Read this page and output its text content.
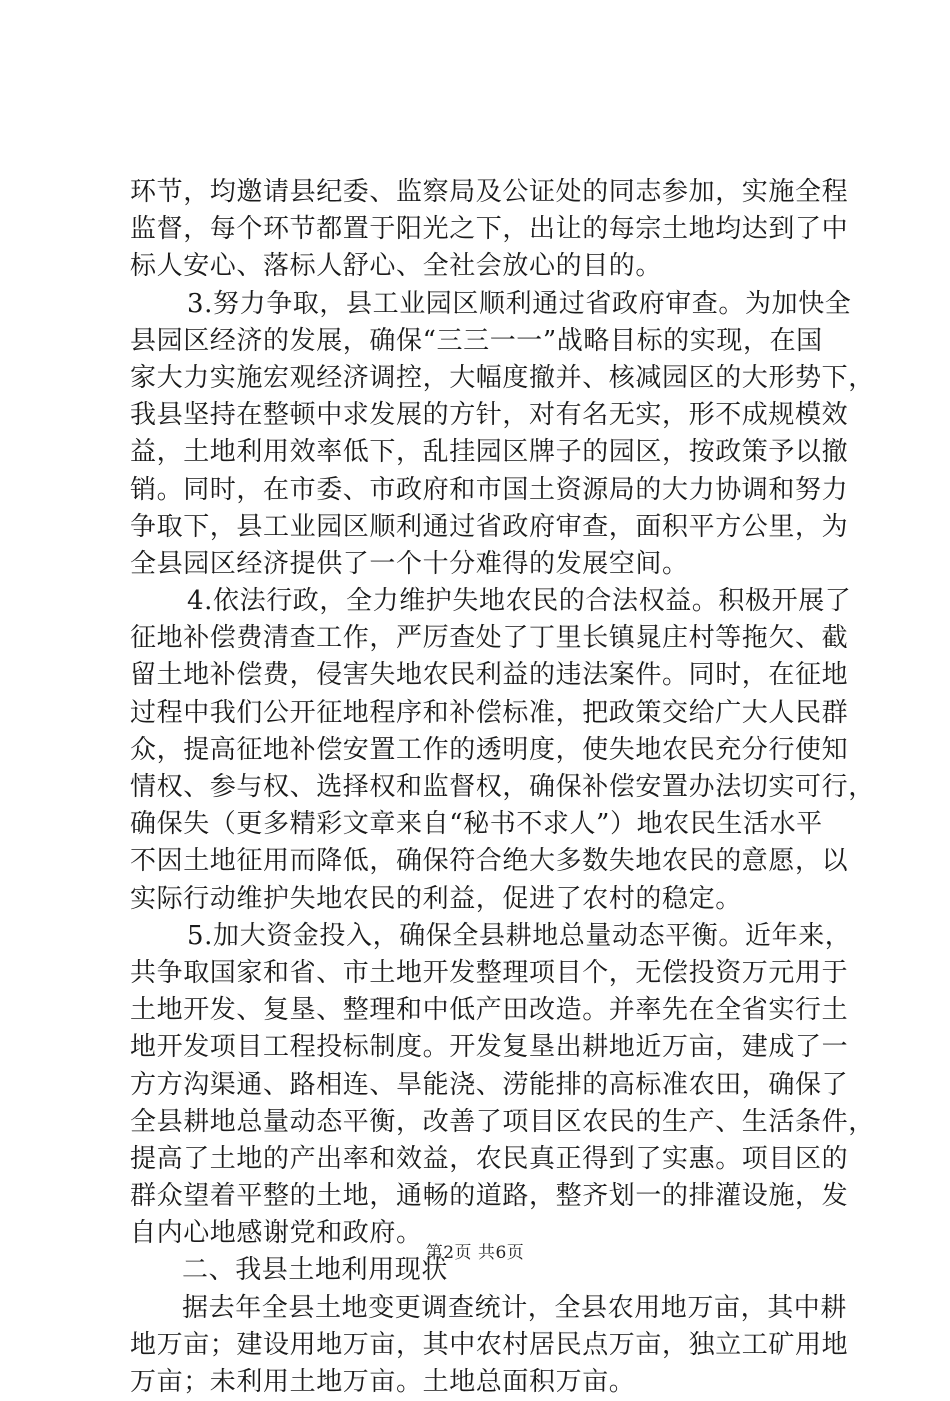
环节，均邀请县纪委、监察局及公证处的同志参加，实施全程
监督，每个环节都置于阳光之下，出让的每宗土地均达到了中
标人安心、落标人舒心、全社会放心的目的。
3.努力争取，县工业园区顺利通过省政府审查。为加快全
县园区经济的发展，确保“三三一一”战略目标的实现，在国
家大力实施宏观经济调控，大幅度撤并、核减园区的大形势下，
我县坚持在整顿中求发展的方针，对有名无实，形不成规模效
益，土地利用效率低下，乱挂园区牌子的园区，按政策予以撤
销。同时，在市委、市政府和市国土资源局的大力协调和努力
争取下，县工业园区顺利通过省政府审查，面积平方公里，为
全县园区经济提供了一个十分难得的发展空间。
4.依法行政，全力维护失地农民的合法权益。积极开展了
征地补偿费清查工作，严厉查处了丁里长镇晁庄村等拖欠、截
留土地补偿费，侵害失地农民利益的违法案件。同时，在征地
过程中我们公开征地程序和补偿标准，把政策交给广大人民群
众，提高征地补偿安置工作的透明度，使失地农民充分行使知
情权、参与权、选择权和监督权，确保补偿安置办法切实可行，
确保失（更多精彩文章来自“秘书不求人”）地农民生活水平
不因土地征用而降低，确保符合绝大多数失地农民的意愿，以
实际行动维护失地农民的利益，促进了农村的稳定。
5.加大资金投入，确保全县耕地总量动态平衡。近年来，
共争取国家和省、市土地开发整理项目个，无偿投资万元用于
土地开发、复垦、整理和中低产田改造。并率先在全省实行土
地开发项目工程投标制度。开发复垦出耕地近万亩，建成了一
方方沟渠通、路相连、旱能浇、涝能排的高标准农田，确保了
全县耕地总量动态平衡，改善了项目区农民的生产、生活条件，
提高了土地的产出率和效益，农民真正得到了实惠。项目区的
群众望着平整的土地，通畅的道路，整齐划一的排灌设施，发
自内心地感谢党和政府。
二、我县土地利用现状
据去年全县土地变更调查统计，全县农用地万亩，其中耕
地万亩；建设用地万亩，其中农村居民点万亩，独立工矿用地
万亩；未利用土地万亩。土地总面积万亩。
第2页 共6页
